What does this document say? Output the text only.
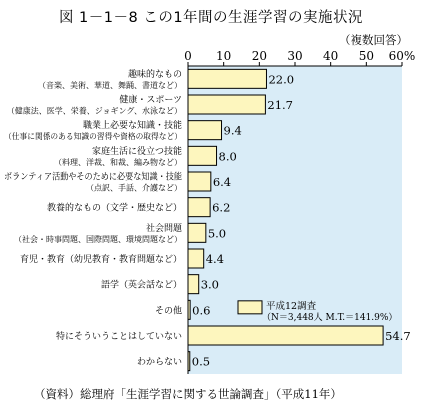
図 1－1－8 この1年間の生涯学習の実施状況
（複数回答）
0 10 20 30 40 50 60%
22.0
趣味的なもの
（音楽、美術、華道、舞踊、書道など）
21.7
健康・スポーツ
（健康法、医学、栄養、ジョギング、水泳など）
9.4
職業上必要な知識・技能
（仕事に関係のある知識の習得や資格の取得など）
8.0
家庭生活に役立つ技能
（料理、洋裁、和裁、編み物など）
6.4
ボランティア活動やそのために必要な知識・技能
（点訳、手話、介護など）
6.2
教養的なもの（文学・歴史など）
5.0
社会問題
（社会・時事問題、国際問題、環境問題など）
4.4
育児・教育（幼児教育・教育問題など）
3.0
語学（英会話など）
0.6
その他
54.7
特にそういうことはしていない
0.5
わからない
平成12調査
（N＝3,448人 M.T.＝141.9%）
（資料）総理府「生涯学習に関する世論調査」（平成11年）
